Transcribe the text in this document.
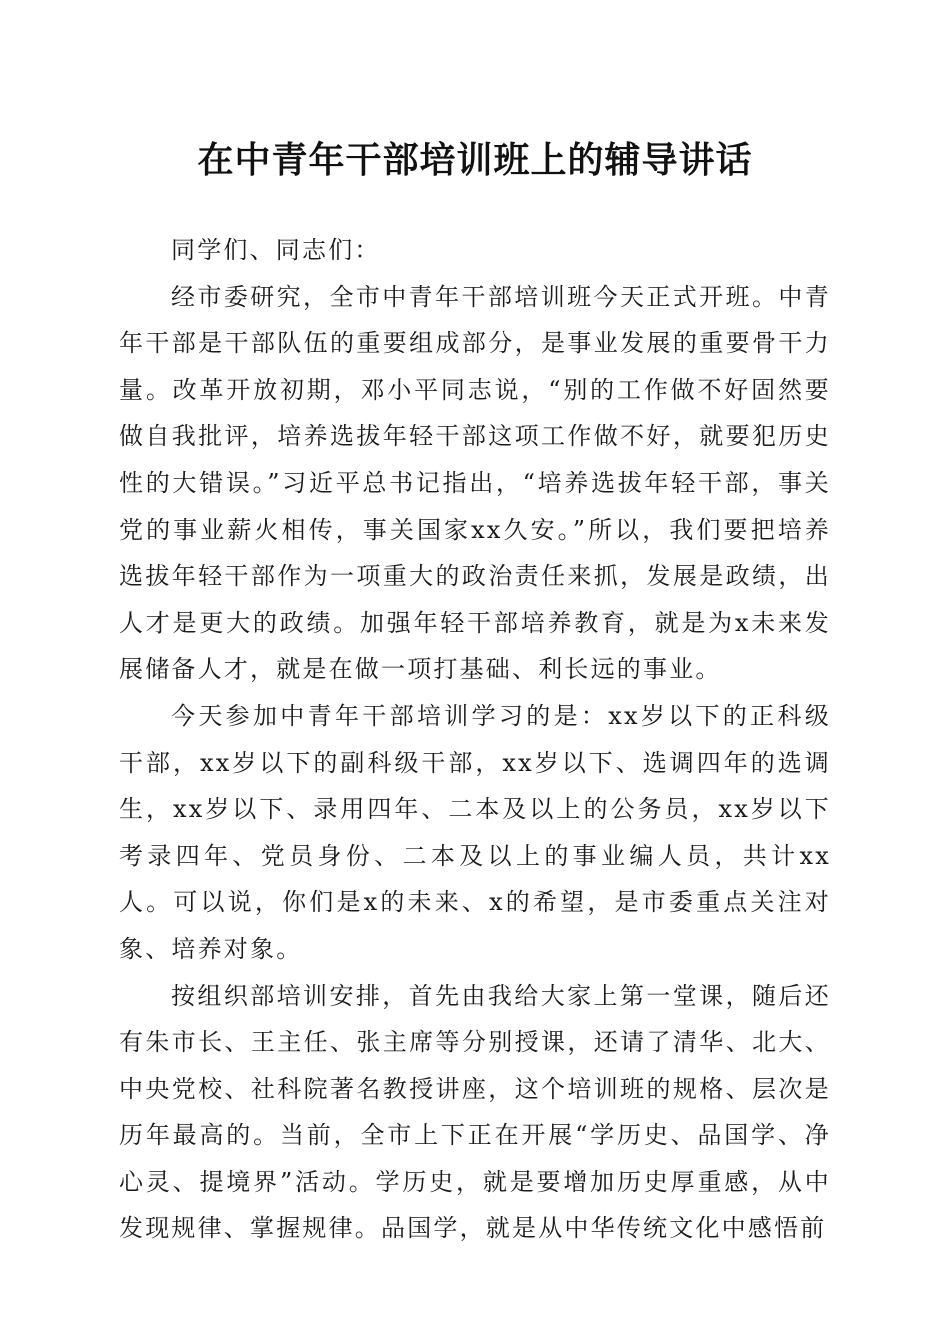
在中青年干部培训班上的辅导讲话

同学们、同志们：

经市委研究，全市中青年干部培训班今天正式开班。中青年干部是干部队伍的重要组成部分，是事业发展的重要骨干力量。改革开放初期，邓小平同志说，“别的工作做不好固然要做自我批评，培养选拔年轻干部这项工作做不好，就要犯历史性的大错误。”习近平总书记指出，“培养选拔年轻干部，事关党的事业薪火相传，事关国家xx久安。”所以，我们要把培养选拔年轻干部作为一项重大的政治责任来抓，发展是政绩，出人才是更大的政绩。加强年轻干部培养教育，就是为x未来发展储备人才，就是在做一项打基础、利长远的事业。

今天参加中青年干部培训学习的是：xx岁以下的正科级干部，xx岁以下的副科级干部，xx岁以下、选调四年的选调生，xx岁以下、录用四年、二本及以上的公务员，xx岁以下考录四年、党员身份、二本及以上的事业编人员，共计xx人。可以说，你们是x的未来、x的希望，是市委重点关注对象、培养对象。

按组织部培训安排，首先由我给大家上第一堂课，随后还有朱市长、王主任、张主席等分别授课，还请了清华、北大、中央党校、社科院著名教授讲座，这个培训班的规格、层次是历年最高的。当前，全市上下正在开展“学历史、品国学、净心灵、提境界”活动。学历史，就是要增加历史厚重感，从中发现规律、掌握规律。品国学，就是从中华传统文化中感悟前
